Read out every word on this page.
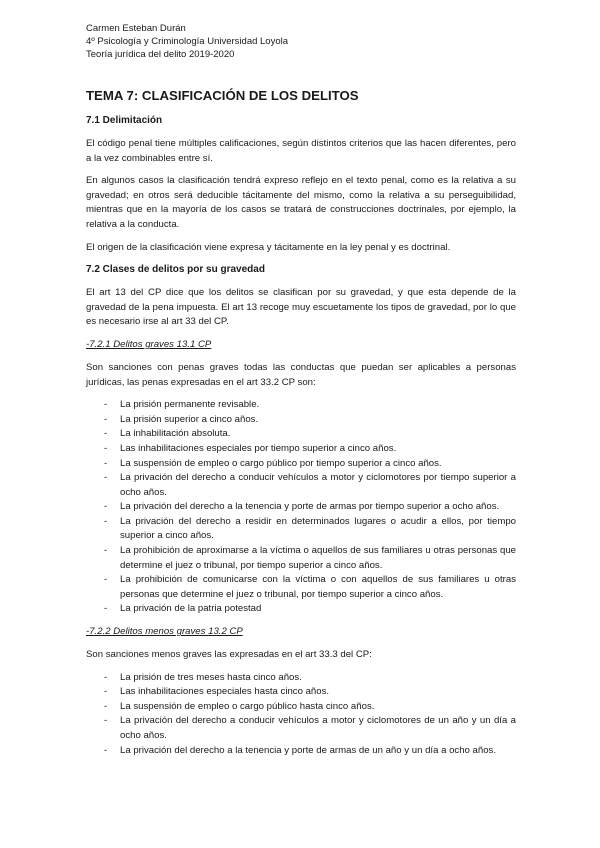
Carmen Esteban Durán
4º Psicología y Criminología Universidad Loyola
Teoría jurídica del delito 2019-2020
TEMA 7: CLASIFICACIÓN DE LOS DELITOS
7.1 Delimitación

El código penal tiene múltiples calificaciones, según distintos criterios que las hacen diferentes, pero a la vez combinables entre sí.

En algunos casos la clasificación tendrá expreso reflejo en el texto penal, como es la relativa a su gravedad; en otros será deducible tácitamente del mismo, como la relativa a su perseguibilidad, mientras que en la mayoría de los casos se tratará de construcciones doctrinales, por ejemplo, la relativa a la conducta.

El origen de la clasificación viene expresa y tácitamente en la ley penal y es doctrinal.

7.2 Clases de delitos por su gravedad

El art 13 del CP dice que los delitos se clasifican por su gravedad, y que esta depende de la gravedad de la pena impuesta. El art 13 recoge muy escuetamente los tipos de gravedad, por lo que es necesario irse al art 33 del CP.

-7.2.1 Delitos graves 13.1 CP

Son sanciones con penas graves todas las conductas que puedan ser aplicables a personas jurídicas, las penas expresadas en el art 33.2 CP son:

- La prisión permanente revisable.
- La prisión superior a cinco años.
- La inhabilitación absoluta.
- Las inhabilitaciones especiales por tiempo superior a cinco años.
- La suspensión de empleo o cargo público por tiempo superior a cinco años.
- La privación del derecho a conducir vehículos a motor y ciclomotores por tiempo superior a ocho años.
- La privación del derecho a la tenencia y porte de armas por tiempo superior a ocho años.
- La privación del derecho a residir en determinados lugares o acudir a ellos, por tiempo superior a cinco años.
- La prohibición de aproximarse a la víctima o aquellos de sus familiares u otras personas que determine el juez o tribunal, por tiempo superior a cinco años.
- La prohibición de comunicarse con la víctima o con aquellos de sus familiares u otras personas que determine el juez o tribunal, por tiempo superior a cinco años.
- La privación de la patria potestad
-7.2.2 Delitos menos graves 13.2 CP

Son sanciones menos graves las expresadas en el art 33.3 del CP:

- La prisión de tres meses hasta cinco años.
- Las inhabilitaciones especiales hasta cinco años.
- La suspensión de empleo o cargo público hasta cinco años.
- La privación del derecho a conducir vehículos a motor y ciclomotores de un año y un día a ocho años.
- La privación del derecho a la tenencia y porte de armas de un año y un día a ocho años.
